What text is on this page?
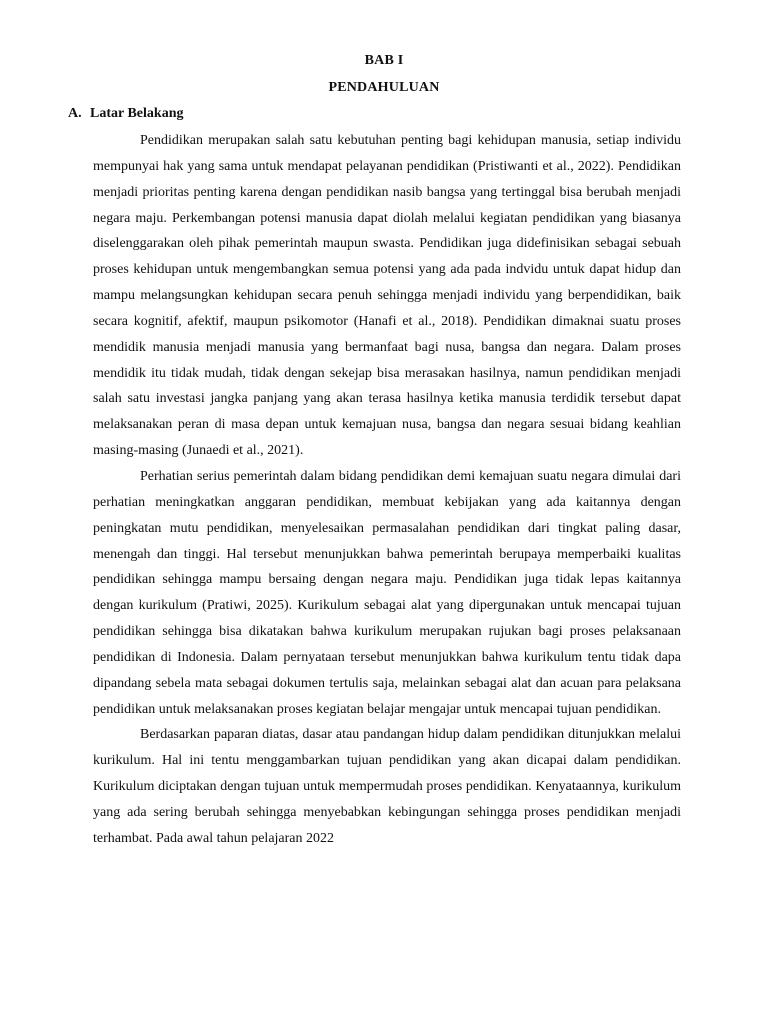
BAB I

PENDAHULUAN

A. Latar Belakang

Pendidikan merupakan salah satu kebutuhan penting bagi kehidupan manusia, setiap individu mempunyai hak yang sama untuk mendapat pelayanan pendidikan (Pristiwanti et al., 2022). Pendidikan menjadi prioritas penting karena dengan pendidikan nasib bangsa yang tertinggal bisa berubah menjadi negara maju. Perkembangan potensi manusia dapat diolah melalui kegiatan pendidikan yang biasanya diselenggarakan oleh pihak pemerintah maupun swasta. Pendidikan juga didefinisikan sebagai sebuah proses kehidupan untuk mengembangkan semua potensi yang ada pada indvidu untuk dapat hidup dan mampu melangsungkan kehidupan secara penuh sehingga menjadi individu yang berpendidikan, baik secara kognitif, afektif, maupun psikomotor (Hanafi et al., 2018). Pendidikan dimaknai suatu proses mendidik manusia menjadi manusia yang bermanfaat bagi nusa, bangsa dan negara. Dalam proses mendidik itu tidak mudah, tidak dengan sekejap bisa merasakan hasilnya, namun pendidikan menjadi salah satu investasi jangka panjang yang akan terasa hasilnya ketika manusia terdidik tersebut dapat melaksanakan peran di masa depan untuk kemajuan nusa, bangsa dan negara sesuai bidang keahlian masing-masing (Junaedi et al., 2021).

Perhatian serius pemerintah dalam bidang pendidikan demi kemajuan suatu negara dimulai dari perhatian meningkatkan anggaran pendidikan, membuat kebijakan yang ada kaitannya dengan peningkatan mutu pendidikan, menyelesaikan permasalahan pendidikan dari tingkat paling dasar, menengah dan tinggi. Hal tersebut menunjukkan bahwa pemerintah berupaya memperbaiki kualitas pendidikan sehingga mampu bersaing dengan negara maju. Pendidikan juga tidak lepas kaitannya dengan kurikulum (Pratiwi, 2025). Kurikulum sebagai alat yang dipergunakan untuk mencapai tujuan pendidikan sehingga bisa dikatakan bahwa kurikulum merupakan rujukan bagi proses pelaksanaan pendidikan di Indonesia. Dalam pernyataan tersebut menunjukkan bahwa kurikulum tentu tidak dapa dipandang sebela mata sebagai dokumen tertulis saja, melainkan sebagai alat dan acuan para pelaksana pendidikan untuk melaksanakan proses kegiatan belajar mengajar untuk mencapai tujuan pendidikan.

Berdasarkan paparan diatas, dasar atau pandangan hidup dalam pendidikan ditunjukkan melalui kurikulum. Hal ini tentu menggambarkan tujuan pendidikan yang akan dicapai dalam pendidikan. Kurikulum diciptakan dengan tujuan untuk mempermudah proses pendidikan. Kenyataannya, kurikulum yang ada sering berubah sehingga menyebabkan kebingungan sehingga proses pendidikan menjadi terhambat. Pada awal tahun pelajaran 2022
